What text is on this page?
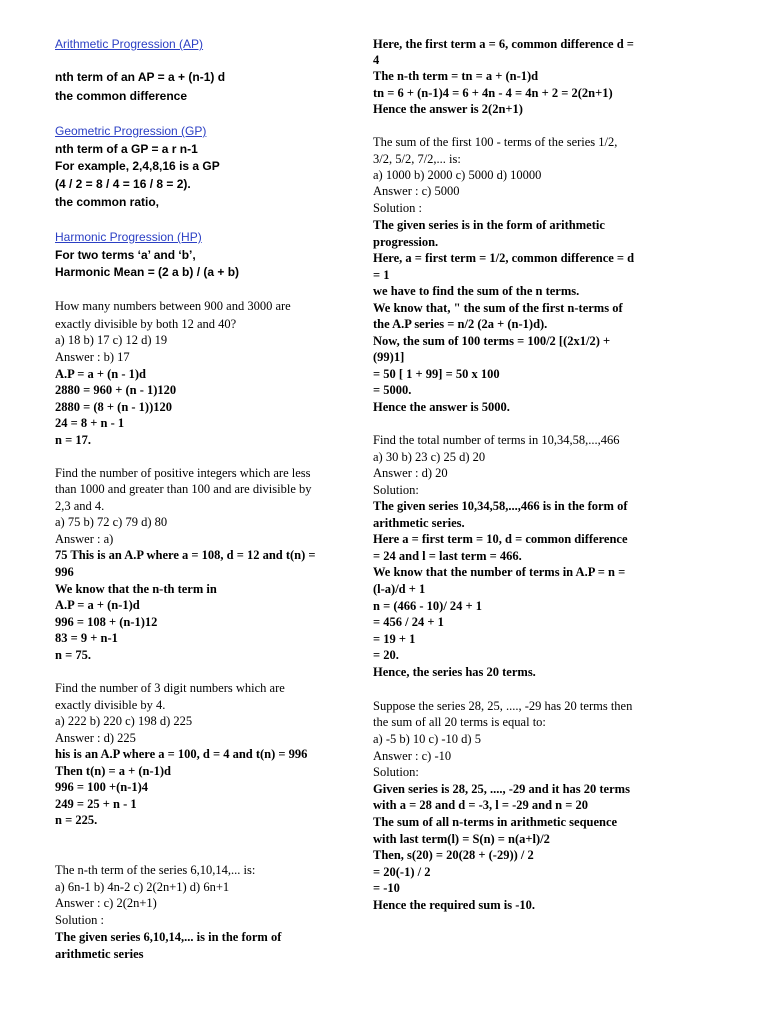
Arithmetic Progression (AP)
nth term of an AP = a + (n-1) d
the common difference
Geometric Progression (GP)
nth term of a GP = a r n-1
For example, 2,4,8,16 is a GP
(4 / 2 = 8 / 4 = 16 / 8 = 2).
the common ratio,
Harmonic Progression (HP)
For two terms ‘a’ and ‘b’,
Harmonic Mean = (2 a b) / (a + b)
How many numbers between 900 and 3000 are
exactly divisible by both 12 and 40?
a) 18 b) 17 c) 12 d) 19
Answer : b) 17
A.P = a + (n - 1)d
2880 = 960 + (n - 1)120
2880 = (8 + (n - 1))120
24 = 8 + n - 1
n = 17.
Find the number of positive integers which are less
than 1000 and greater than 100 and are divisible by
2,3 and 4.
a) 75 b) 72 c) 79 d) 80
Answer : a)
75 This is an A.P where a = 108, d = 12 and t(n) =
996
We know that the n-th term in
A.P = a + (n-1)d
996 = 108 + (n-1)12
83 = 9 + n-1
n = 75.
Find the number of 3 digit numbers which are
exactly divisible by 4.
a) 222 b) 220 c) 198 d) 225
Answer : d) 225
his is an A.P where a = 100, d = 4 and t(n) = 996
Then t(n) = a + (n-1)d
996 = 100 +(n-1)4
249 = 25 + n - 1
n = 225.
The n-th term of the series 6,10,14,... is:
a) 6n-1 b) 4n-2 c) 2(2n+1) d) 6n+1
Answer : c) 2(2n+1)
Solution :
The given series 6,10,14,... is in the form of
arithmetic series
Here, the first term a = 6, common difference d =
4
The n-th term = tn = a + (n-1)d
tn = 6 + (n-1)4 = 6 + 4n - 4 = 4n + 2 = 2(2n+1)
Hence the answer is 2(2n+1)
The sum of the first 100 - terms of the series 1/2,
3/2, 5/2, 7/2,... is:
a) 1000 b) 2000 c) 5000 d) 10000
Answer : c) 5000
Solution :
The given series is in the form of arithmetic
progression.
Here, a = first term = 1/2, common difference = d
= 1
we have to find the sum of the n terms.
We know that, " the sum of the first n-terms of
the A.P series = n/2 (2a + (n-1)d).
Now, the sum of 100 terms = 100/2 [(2x1/2) +
(99)1]
= 50 [ 1 + 99] = 50 x 100
= 5000.
Hence the answer is 5000.
Find the total number of terms in 10,34,58,...,466
a) 30 b) 23 c) 25 d) 20
Answer : d) 20
Solution:
The given series 10,34,58,...,466 is in the form of
arithmetic series.
Here a = first term = 10, d = common difference
= 24 and l = last term = 466.
We know that the number of terms in A.P = n =
(l-a)/d + 1
n = (466 - 10)/ 24 + 1
= 456 / 24 + 1
= 19 + 1
= 20.
Hence, the series has 20 terms.
Suppose the series 28, 25, ...., -29 has 20 terms then
the sum of all 20 terms is equal to:
a) -5 b) 10 c) -10 d) 5
Answer : c) -10
Solution:
Given series is 28, 25, ...., -29 and it has 20 terms
with a = 28 and d = -3, l = -29 and n = 20
The sum of all n-terms in arithmetic sequence
with last term(l) = S(n) = n(a+l)/2
Then, s(20) = 20(28 + (-29)) / 2
= 20(-1) / 2
= -10
Hence the required sum is -10.
